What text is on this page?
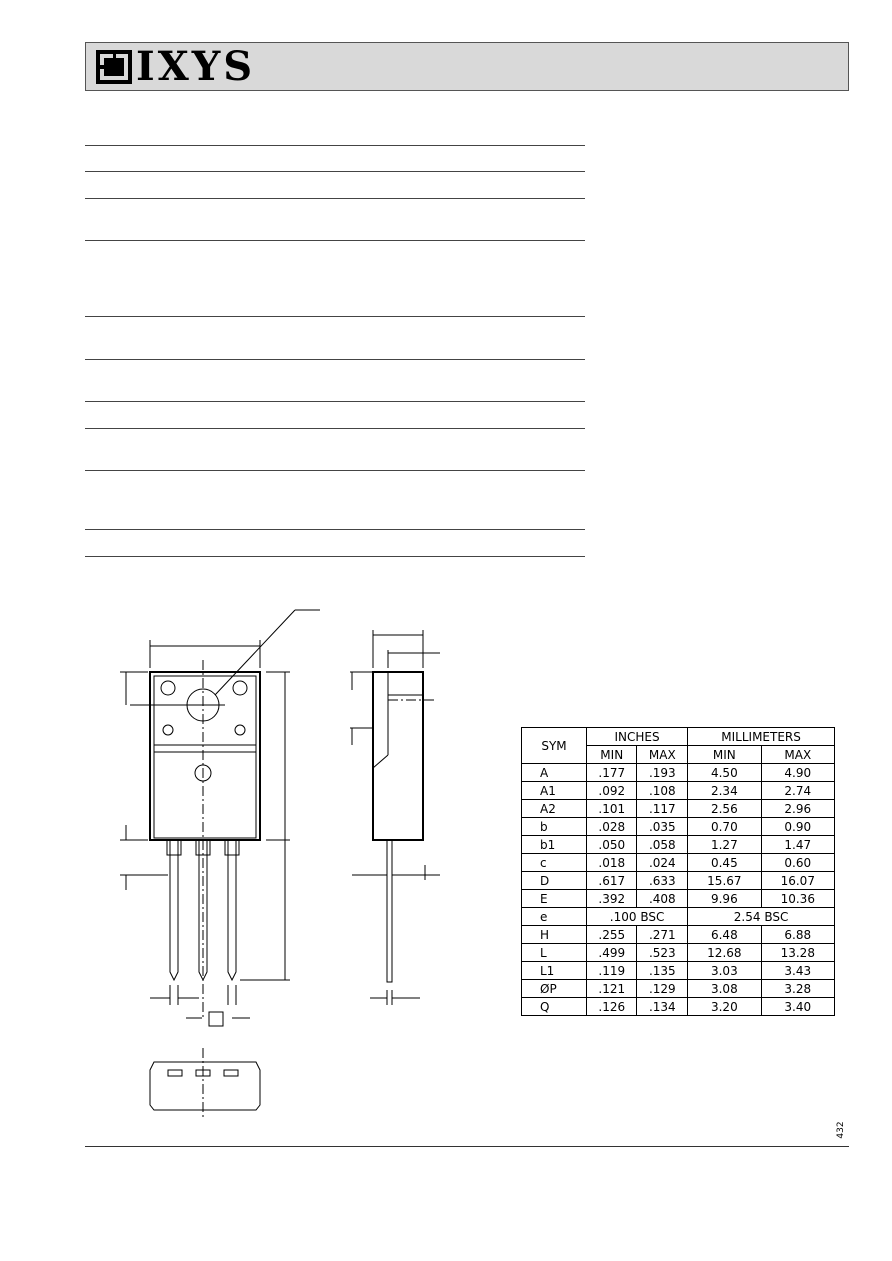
IXYS
SYM	INCHES		MILLIMETERS	
	MIN	MAX	MIN	MAX
A	.177	.193	4.50	4.90
A1	.092	.108	2.34	2.74
A2	.101	.117	2.56	2.96
b	.028	.035	0.70	0.90
b1	.050	.058	1.27	1.47
c	.018	.024	0.45	0.60
D	.617	.633	15.67	16.07
E	.392	.408	9.96	10.36
e	.100 BSC		2.54 BSC	
H	.255	.271	6.48	6.88
L	.499	.523	12.68	13.28
L1	.119	.135	3.03	3.43
ØP	.121	.129	3.08	3.28
Q	.126	.134	3.20	3.40
432
